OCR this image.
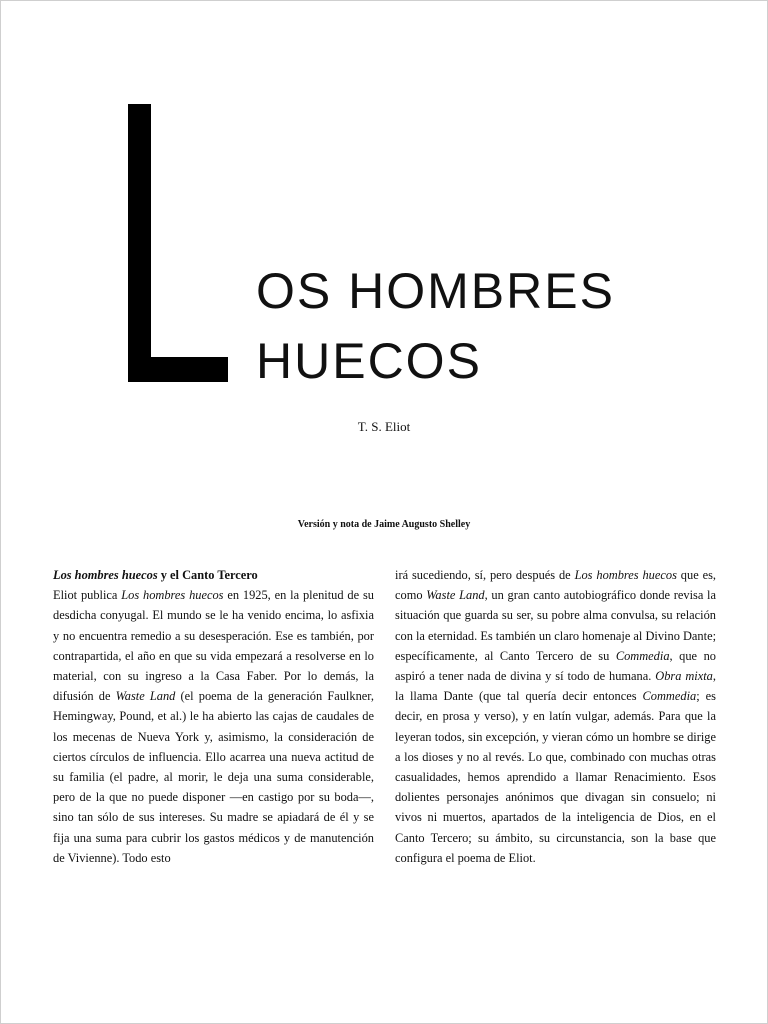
OS HOMBRES
HUECOS
T. S. Eliot
Versión y nota de Jaime Augusto Shelley

Los hombres huecos y el Canto Tercero

Eliot publica Los hombres huecos en 1925, en la plenitud de su desdicha conyugal. El mundo se le ha venido encima, lo asfixia y no encuentra remedio a su desesperación. Ese es también, por contrapartida, el año en que su vida empezará a resolverse en lo material, con su ingreso a la Casa Faber. Por lo demás, la difusión de Waste Land (el poema de la generación Faulkner, Hemingway, Pound, et al.) le ha abierto las cajas de caudales de los mecenas de Nueva York y, asimismo, la consideración de ciertos círculos de influencia. Ello acarrea una nueva actitud de su familia (el padre, al morir, le deja una suma considerable, pero de la que no puede disponer —en castigo por su boda—, sino tan sólo de sus intereses. Su madre se apiadará de él y se fija una suma para cubrir los gastos médicos y de manutención de Vivienne). Todo esto

irá sucediendo, sí, pero después de Los hombres huecos que es, como Waste Land, un gran canto autobiográfico donde revisa la situación que guarda su ser, su pobre alma convulsa, su relación con la eternidad. Es también un claro homenaje al Divino Dante; específicamente, al Canto Tercero de su Commedia, que no aspiró a tener nada de divina y sí todo de humana. Obra mixta, la llama Dante (que tal quería decir entonces Commedia; es decir, en prosa y verso), y en latín vulgar, además. Para que la leyeran todos, sin excepción, y vieran cómo un hombre se dirige a los dioses y no al revés. Lo que, combinado con muchas otras casualidades, hemos aprendido a llamar Renacimiento. Esos dolientes personajes anónimos que divagan sin consuelo; ni vivos ni muertos, apartados de la inteligencia de Dios, en el Canto Tercero; su ámbito, su circunstancia, son la base que configura el poema de Eliot.
